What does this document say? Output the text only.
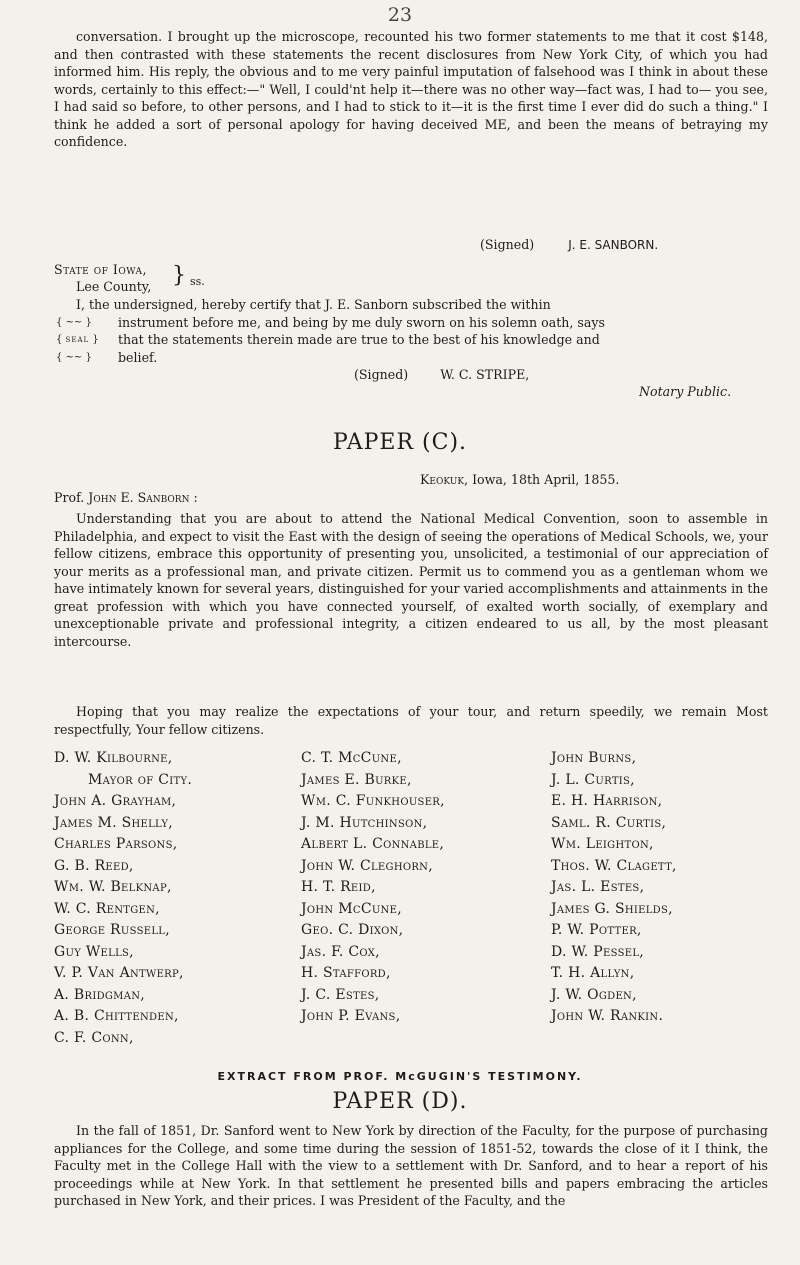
23

conversation. I brought up the microscope, recounted his two former statements to me that it cost $148, and then contrasted with these statements the recent disclosures from New York City, of which you had informed him. His reply, the obvious and to me very painful imputation of falsehood was I think in about these words, certainly to this effect:—" Well, I could'nt help it—there was no other way—fact was, I had to— you see, I had said so before, to other persons, and I had to stick to it—it is the first time I ever did do such a thing." I think he added a sort of personal apology for having deceived ME, and been the means of betraying my confidence.

(Signed)	J. E. SANBORN.
State of Iowa,
Lee County, } ss.

I, the undersigned, hereby certify that J. E. Sanborn subscribed the within

{ ~~ }
{ seal }
{ ~~ }
instrument before me, and being by me duly sworn on his solemn oath, says
that the statements therein made are true to the best of his knowledge and
belief.
(Signed)	W. C. STRIPE,
Notary Public.
PAPER (C).
Keokuk, Iowa, 18th April, 1855.
Prof. John E. Sanborn :

Understanding that you are about to attend the National Medical Convention, soon to assemble in Philadelphia, and expect to visit the East with the design of seeing the operations of Medical Schools, we, your fellow citizens, embrace this opportunity of presenting you, unsolicited, a testimonial of our appreciation of your merits as a professional man, and private citizen. Permit us to commend you as a gentleman whom we have intimately known for several years, distinguished for your varied accomplishments and attainments in the great profession with which you have connected yourself, of exalted worth socially, of exemplary and unexceptionable private and professional integrity, a citizen endeared to us all, by the most pleasant intercourse.

Hoping that you may realize the expectations of your tour, and return speedily, we remain Most respectfully, Your fellow citizens.

D. W. Kilbourne,	C. T. McCune,	John Burns,
Mayor of City.	James E. Burke,	J. L. Curtis,
John A. Grayham,	Wm. C. Funkhouser,	E. H. Harrison,
James M. Shelly,	J. M. Hutchinson,	Saml. R. Curtis,
Charles Parsons,	Albert L. Connable,	Wm. Leighton,
G. B. Reed,	John W. Cleghorn,	Thos. W. Clagett,
Wm. W. Belknap,	H. T. Reid,	Jas. L. Estes,
W. C. Rentgen,	John McCune,	James G. Shields,
George Russell,	Geo. C. Dixon,	P. W. Potter,
Guy Wells,	Jas. F. Cox,	D. W. Pessel,
V. P. Van Antwerp,	H. Stafford,	T. H. Allyn,
A. Bridgman,	J. C. Estes,	J. W. Ogden,
A. B. Chittenden,	John P. Evans,	John W. Rankin.
C. F. Conn,
EXTRACT FROM PROF. McGUGIN'S TESTIMONY.
PAPER (D).

In the fall of 1851, Dr. Sanford went to New York by direction of the Faculty, for the purpose of purchasing appliances for the College, and some time during the session of 1851-52, towards the close of it I think, the Faculty met in the College Hall with the view to a settlement with Dr. Sanford, and to hear a report of his proceedings while at New York. In that settlement he presented bills and papers embracing the articles purchased in New York, and their prices. I was President of the Faculty, and the
